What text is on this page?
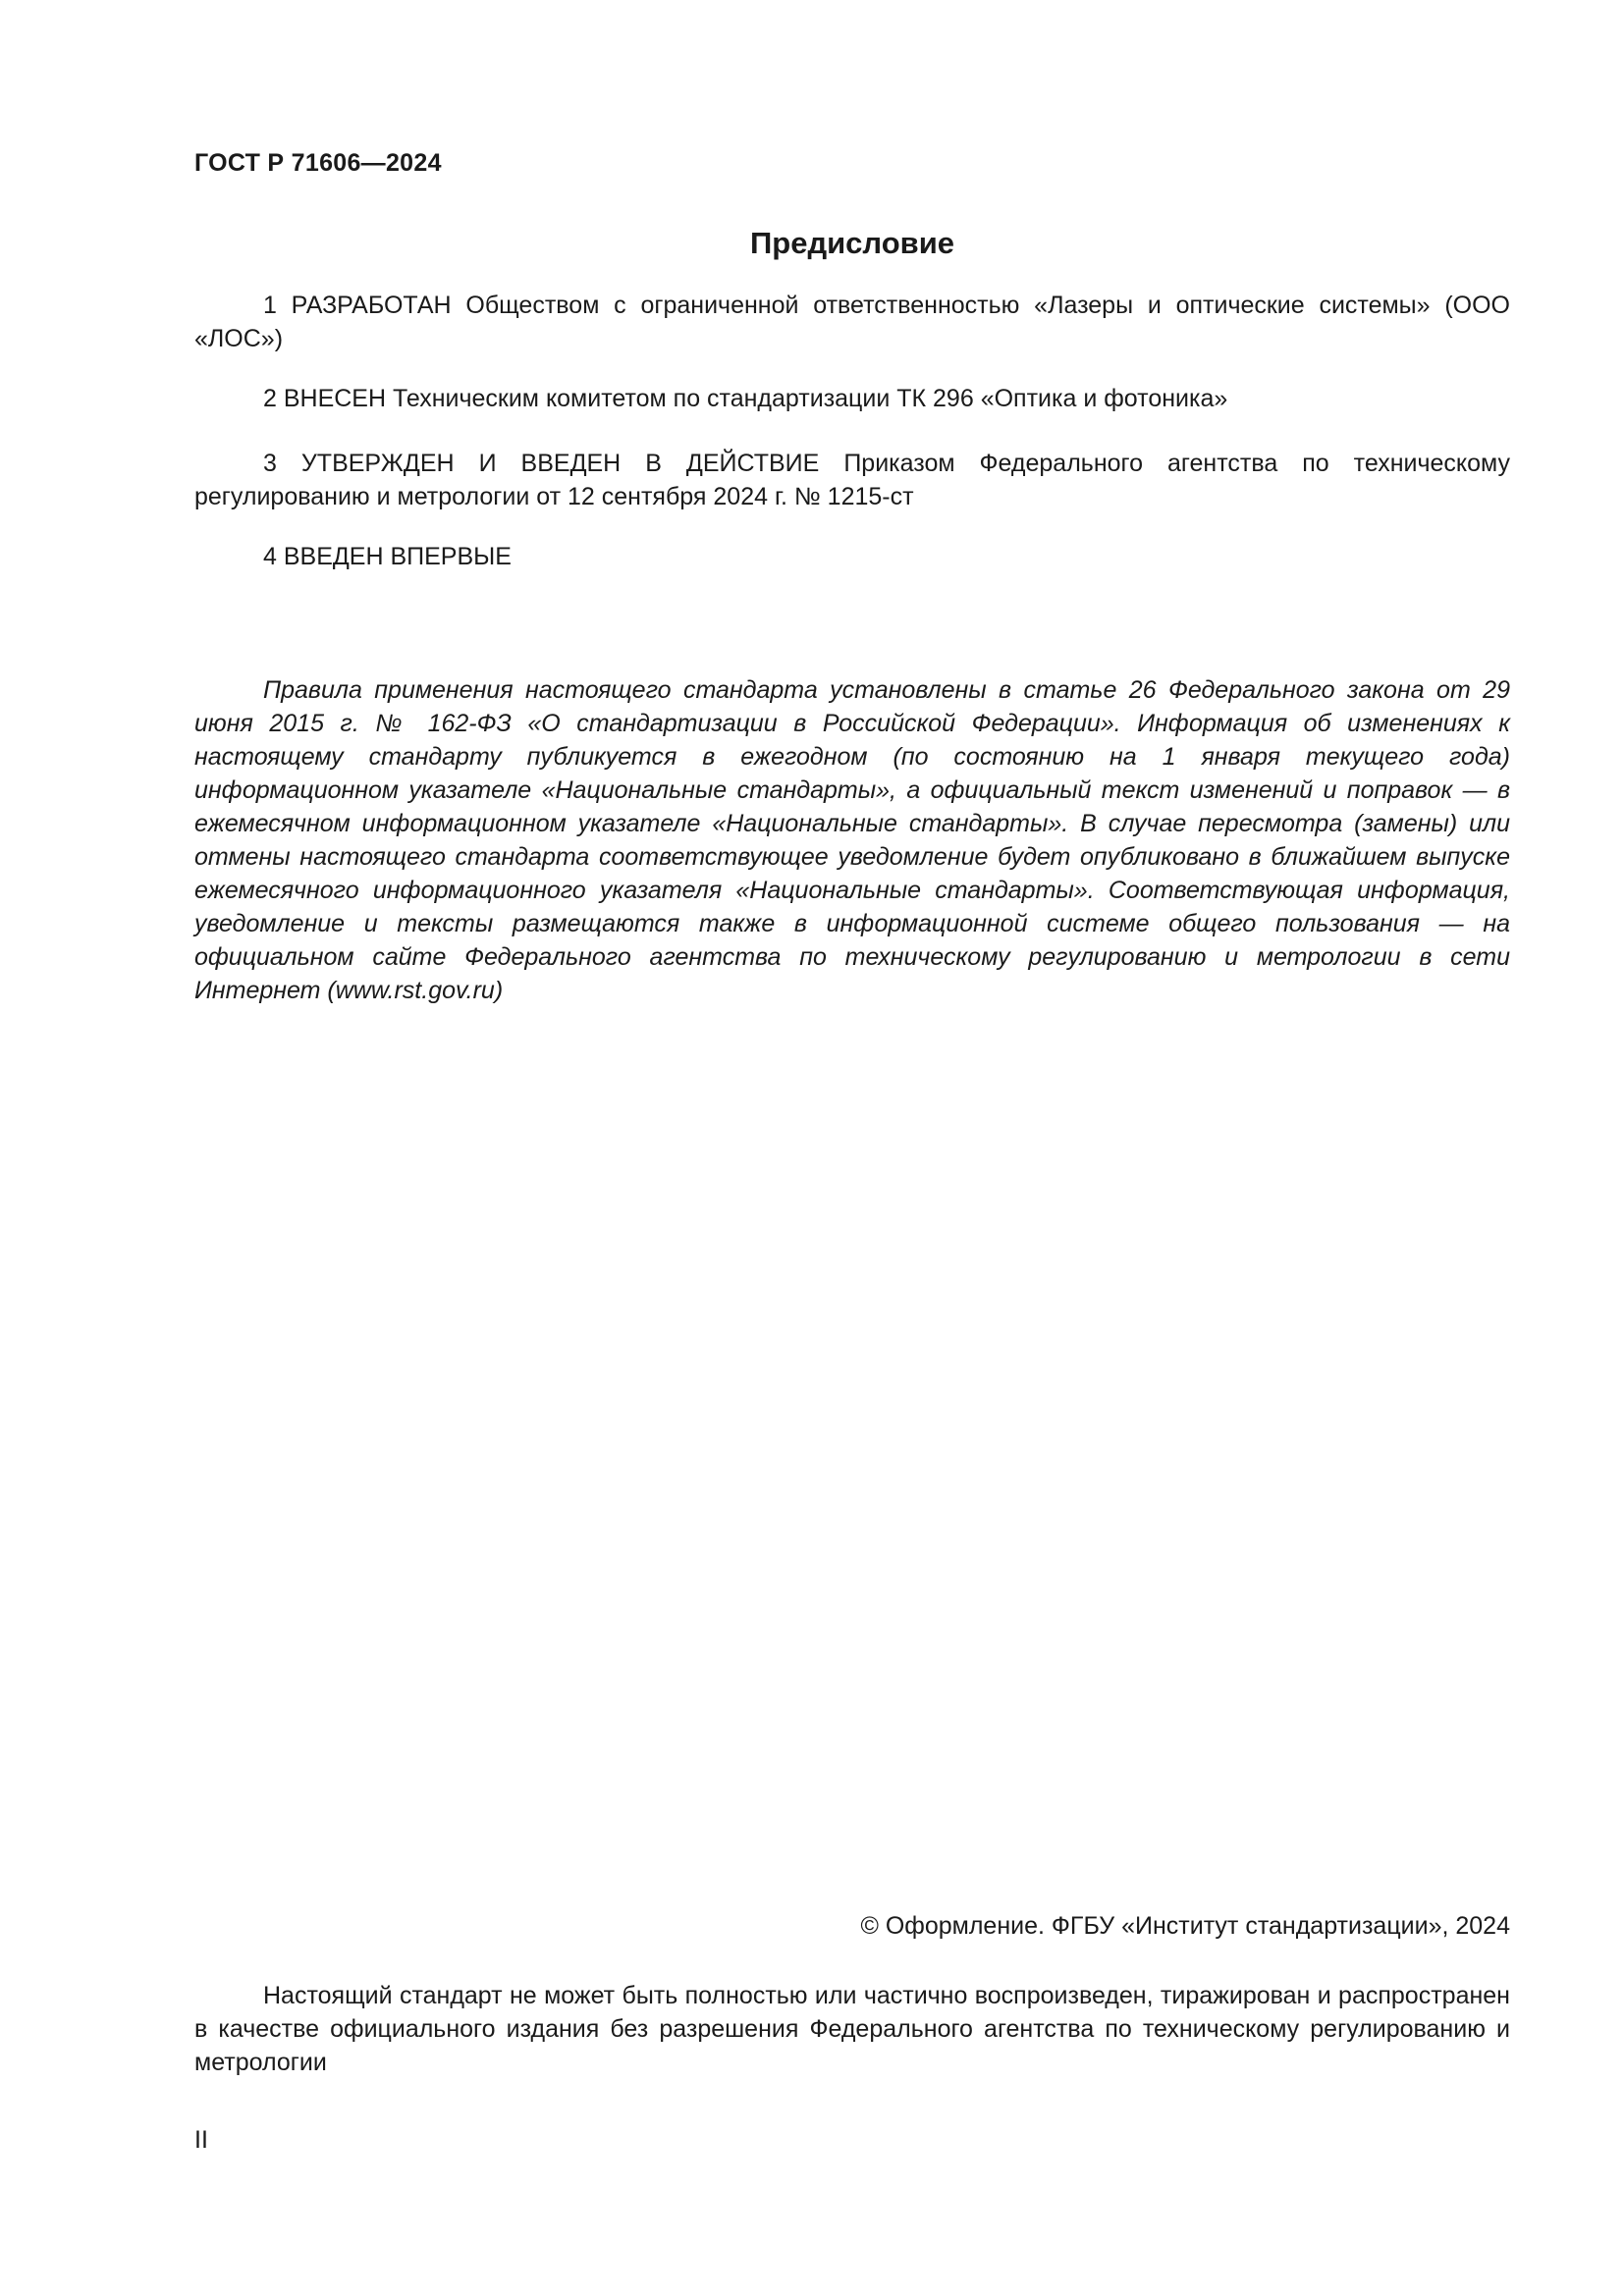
ГОСТ Р 71606—2024
Предисловие

1 РАЗРАБОТАН Обществом с ограниченной ответственностью «Лазеры и оптические системы» (ООО «ЛОС»)

2 ВНЕСЕН Техническим комитетом по стандартизации ТК 296 «Оптика и фотоника»

3 УТВЕРЖДЕН И ВВЕДЕН В ДЕЙСТВИЕ Приказом Федерального агентства по техническому регулированию и метрологии от 12 сентября 2024 г. № 1215-ст

4 ВВЕДЕН ВПЕРВЫЕ

Правила применения настоящего стандарта установлены в статье 26 Федерального закона от 29 июня 2015 г. № 162-ФЗ «О стандартизации в Российской Федерации». Информация об изменениях к настоящему стандарту публикуется в ежегодном (по состоянию на 1 января текущего года) информационном указателе «Национальные стандарты», а официальный текст изменений и поправок — в ежемесячном информационном указателе «Национальные стандарты». В случае пересмотра (замены) или отмены настоящего стандарта соответствующее уведомление будет опубликовано в ближайшем выпуске ежемесячного информационного указателя «Национальные стандарты». Соответствующая информация, уведомление и тексты размещаются также в информационной системе общего пользования — на официальном сайте Федерального агентства по техническому регулированию и метрологии в сети Интернет (www.rst.gov.ru)

© Оформление. ФГБУ «Институт стандартизации», 2024

Настоящий стандарт не может быть полностью или частично воспроизведен, тиражирован и распространен в качестве официального издания без разрешения Федерального агентства по техническому регулированию и метрологии

II
